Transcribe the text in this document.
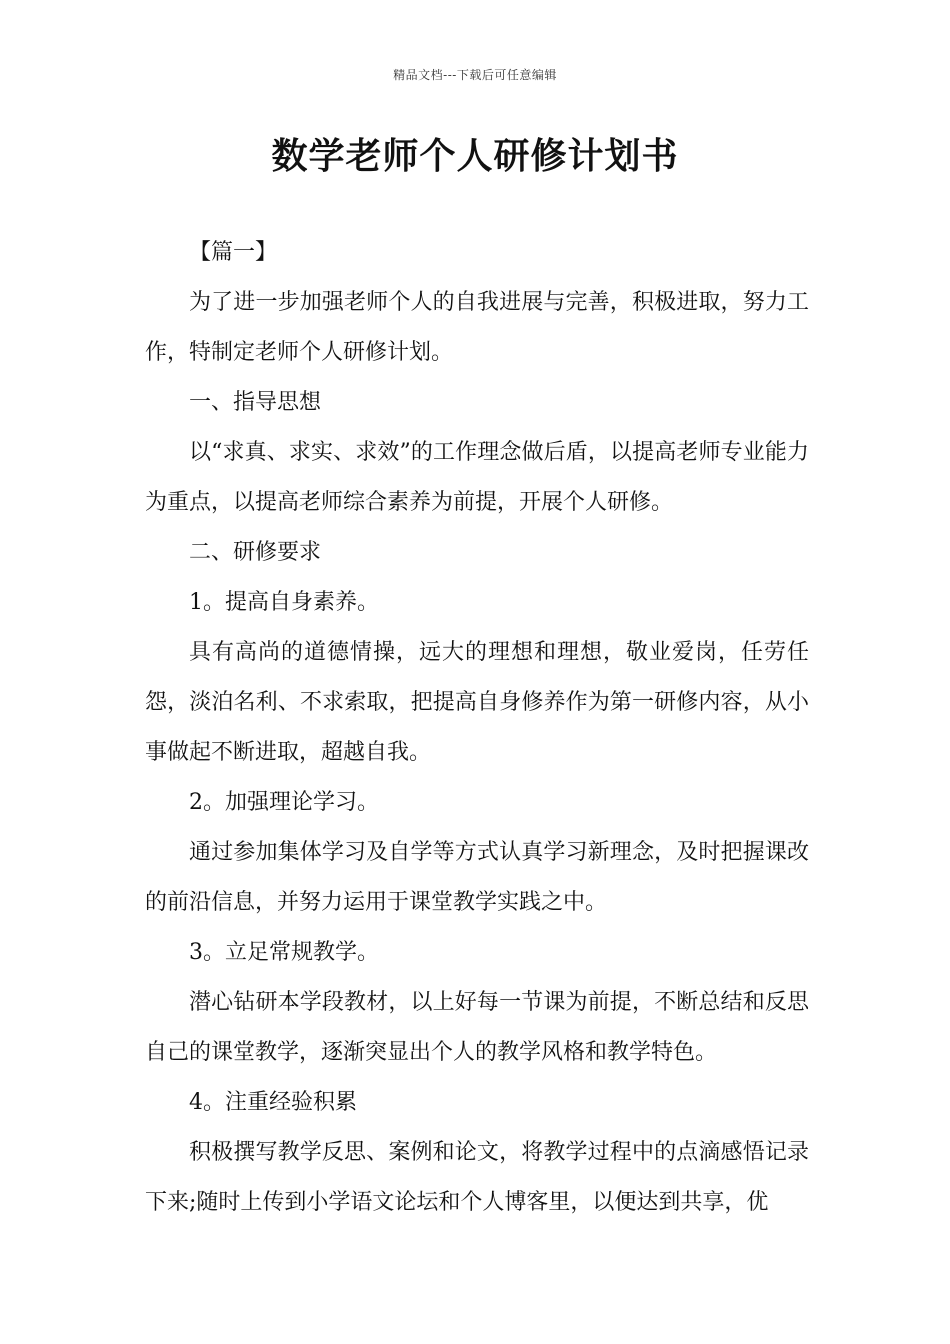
精品文档---下载后可任意编辑
数学老师个人研修计划书

【篇一】

为了进一步加强老师个人的自我进展与完善，积极进取，努力工作，特制定老师个人研修计划。

一、指导思想

以“求真、求实、求效”的工作理念做后盾，以提高老师专业能力为重点，以提高老师综合素养为前提，开展个人研修。

二、研修要求

1。提高自身素养。

具有高尚的道德情操，远大的理想和理想，敬业爱岗，任劳任怨，淡泊名利、不求索取，把提高自身修养作为第一研修内容，从小事做起不断进取，超越自我。

2。加强理论学习。

通过参加集体学习及自学等方式认真学习新理念，及时把握课改的前沿信息，并努力运用于课堂教学实践之中。

3。立足常规教学。

潜心钻研本学段教材，以上好每一节课为前提，不断总结和反思自己的课堂教学，逐渐突显出个人的教学风格和教学特色。

4。注重经验积累

积极撰写教学反思、案例和论文，将教学过程中的点滴感悟记录下来;随时上传到小学语文论坛和个人博客里，以便达到共享，优
